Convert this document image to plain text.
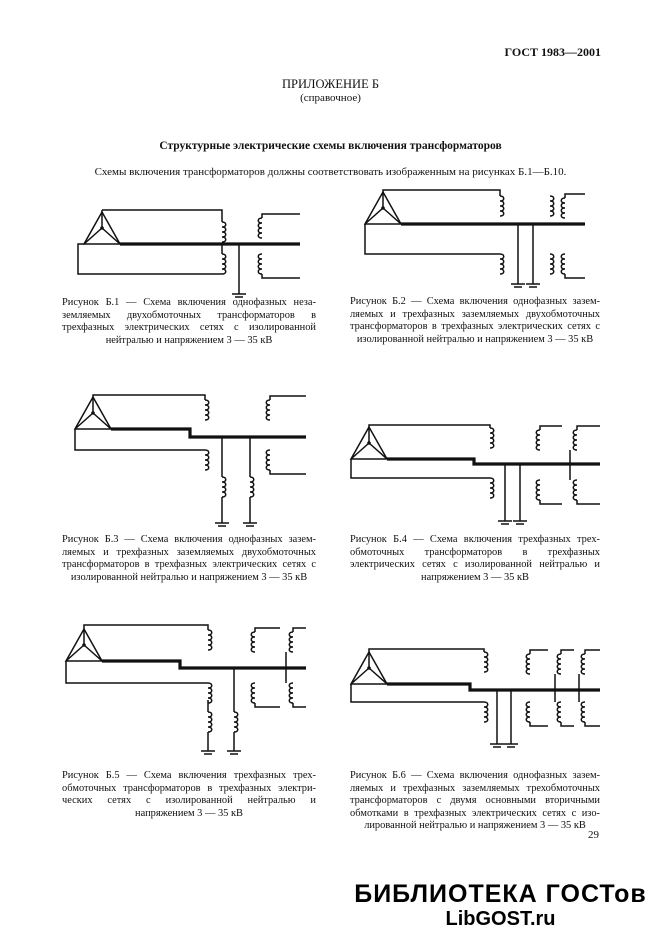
ГОСТ 1983—2001
ПРИЛОЖЕНИЕ Б
(справочное)
Структурные электрические схемы включения трансформаторов
Схемы включения трансформаторов должны соответствовать изображенным на рисунках Б.1—Б.10.
Рисунок Б.1 — Схема включения однофазных незаземляемых двухобмоточных трансформаторов в трехфазных электрических сетях с изолированной нейтралью и напряжением 3 — 35 кВ
Рисунок Б.2 — Схема включения однофазных заземляемых и трехфазных заземляемых двухобмоточных трансформаторов в трехфазных электрических сетях с изолированной нейтралью и напряжением 3 — 35 кВ
Рисунок Б.3 — Схема включения однофазных заземляемых и трехфазных заземляемых двухобмоточных трансформаторов в трехфазных электрических сетях с изолированной нейтралью и напряжением 3 — 35 кВ
Рисунок Б.4 — Схема включения трехфазных трехобмоточных трансформаторов в трехфазных электрических сетях с изолированной нейтралью и напряжением 3 — 35 кВ
Рисунок Б.5 — Схема включения трехфазных трехобмоточных трансформаторов в трехфазных электрических сетях с изолированной нейтралью и напряжением 3 — 35 кВ
Рисунок Б.6 — Схема включения однофазных заземляемых и трехфазных заземляемых трехобмоточных трансформаторов с двумя основными вторичными обмотками в трехфазных электрических сетях с изолированной нейтралью и напряжением 3 — 35 кВ
29
БИБЛИОТЕКА ГОСТов
LibGOST.ru
